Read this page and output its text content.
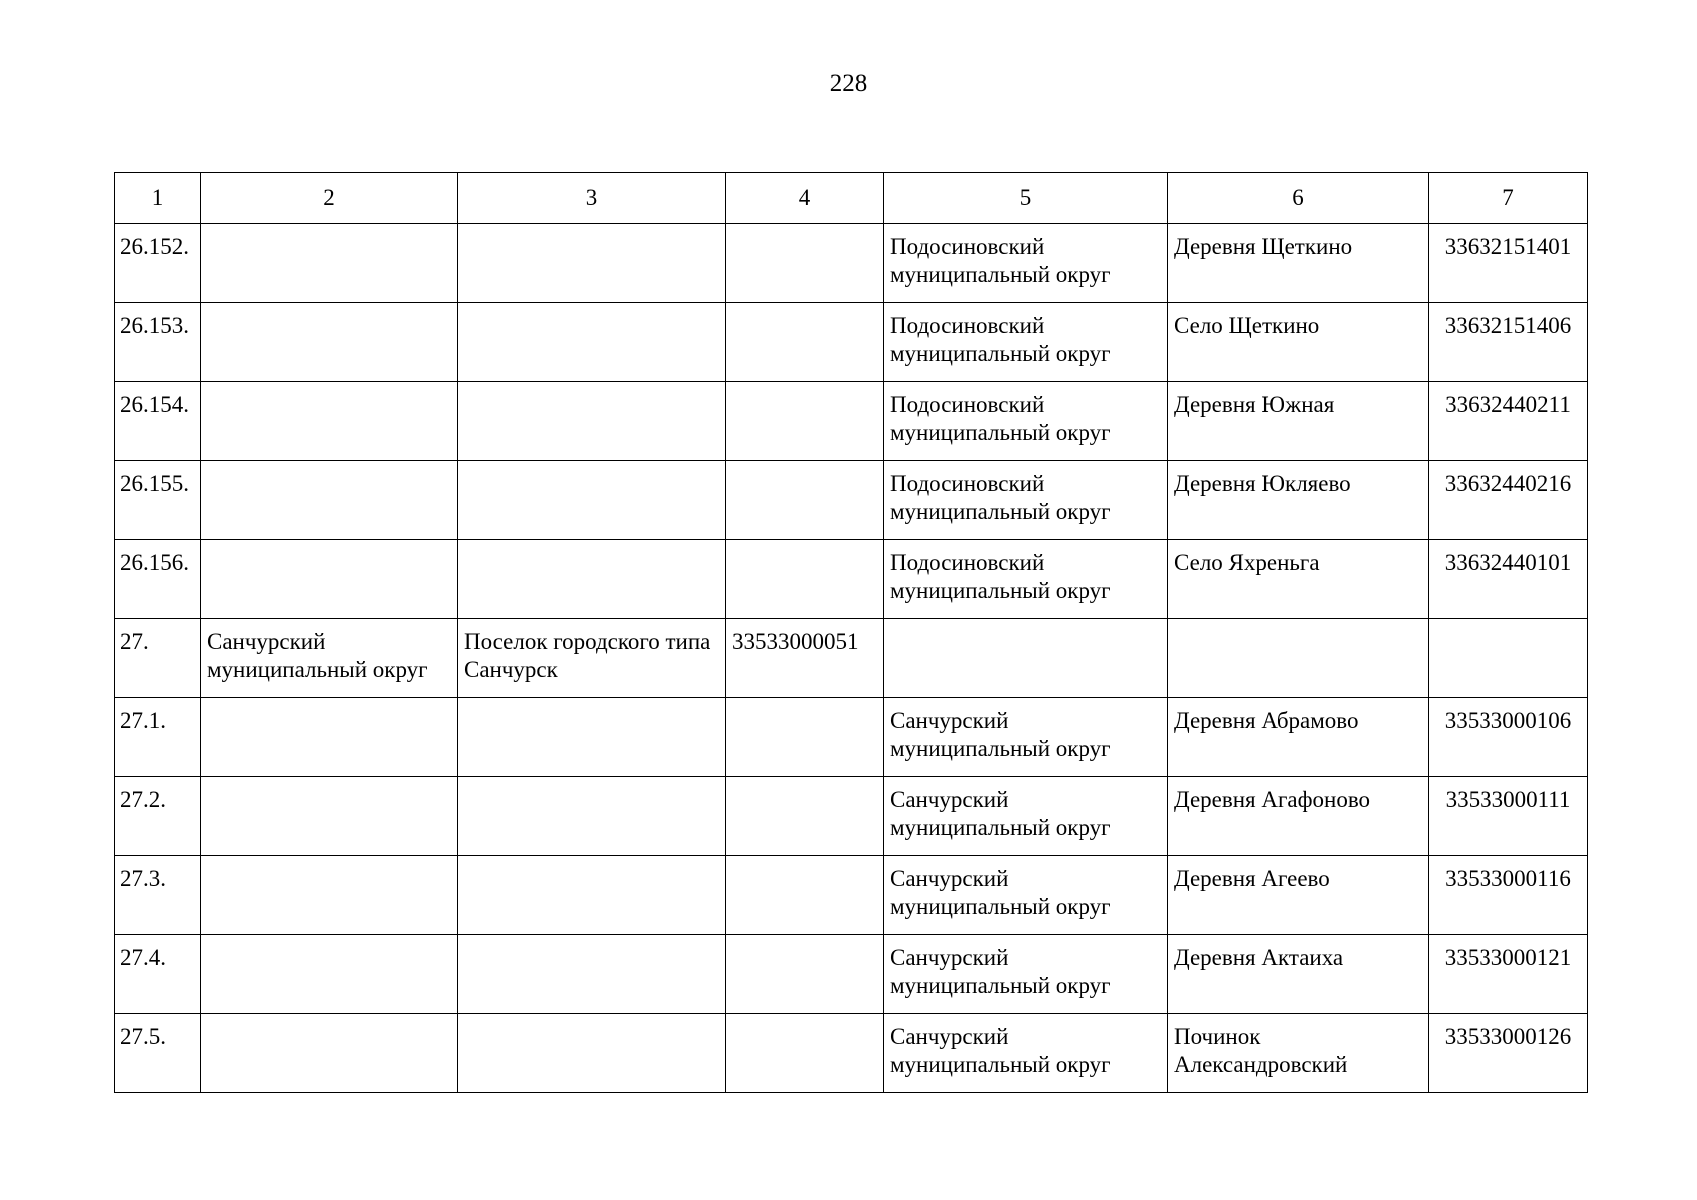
228
1	2	3	4	5	6	7
26.152.				Подосиновский муниципальный округ	Деревня Щеткино	33632151401
26.153.				Подосиновский муниципальный округ	Село Щеткино	33632151406
26.154.				Подосиновский муниципальный округ	Деревня Южная	33632440211
26.155.				Подосиновский муниципальный округ	Деревня Юкляево	33632440216
26.156.				Подосиновский муниципальный округ	Село Яхреньга	33632440101
27.	Санчурский муниципальный округ	Поселок городского типа Санчурск	33533000051			
27.1.				Санчурский муниципальный округ	Деревня Абрамово	33533000106
27.2.				Санчурский муниципальный округ	Деревня Агафоново	33533000111
27.3.				Санчурский муниципальный округ	Деревня Агеево	33533000116
27.4.				Санчурский муниципальный округ	Деревня Актаиха	33533000121
27.5.				Санчурский муниципальный округ	Починок Александровский	33533000126
